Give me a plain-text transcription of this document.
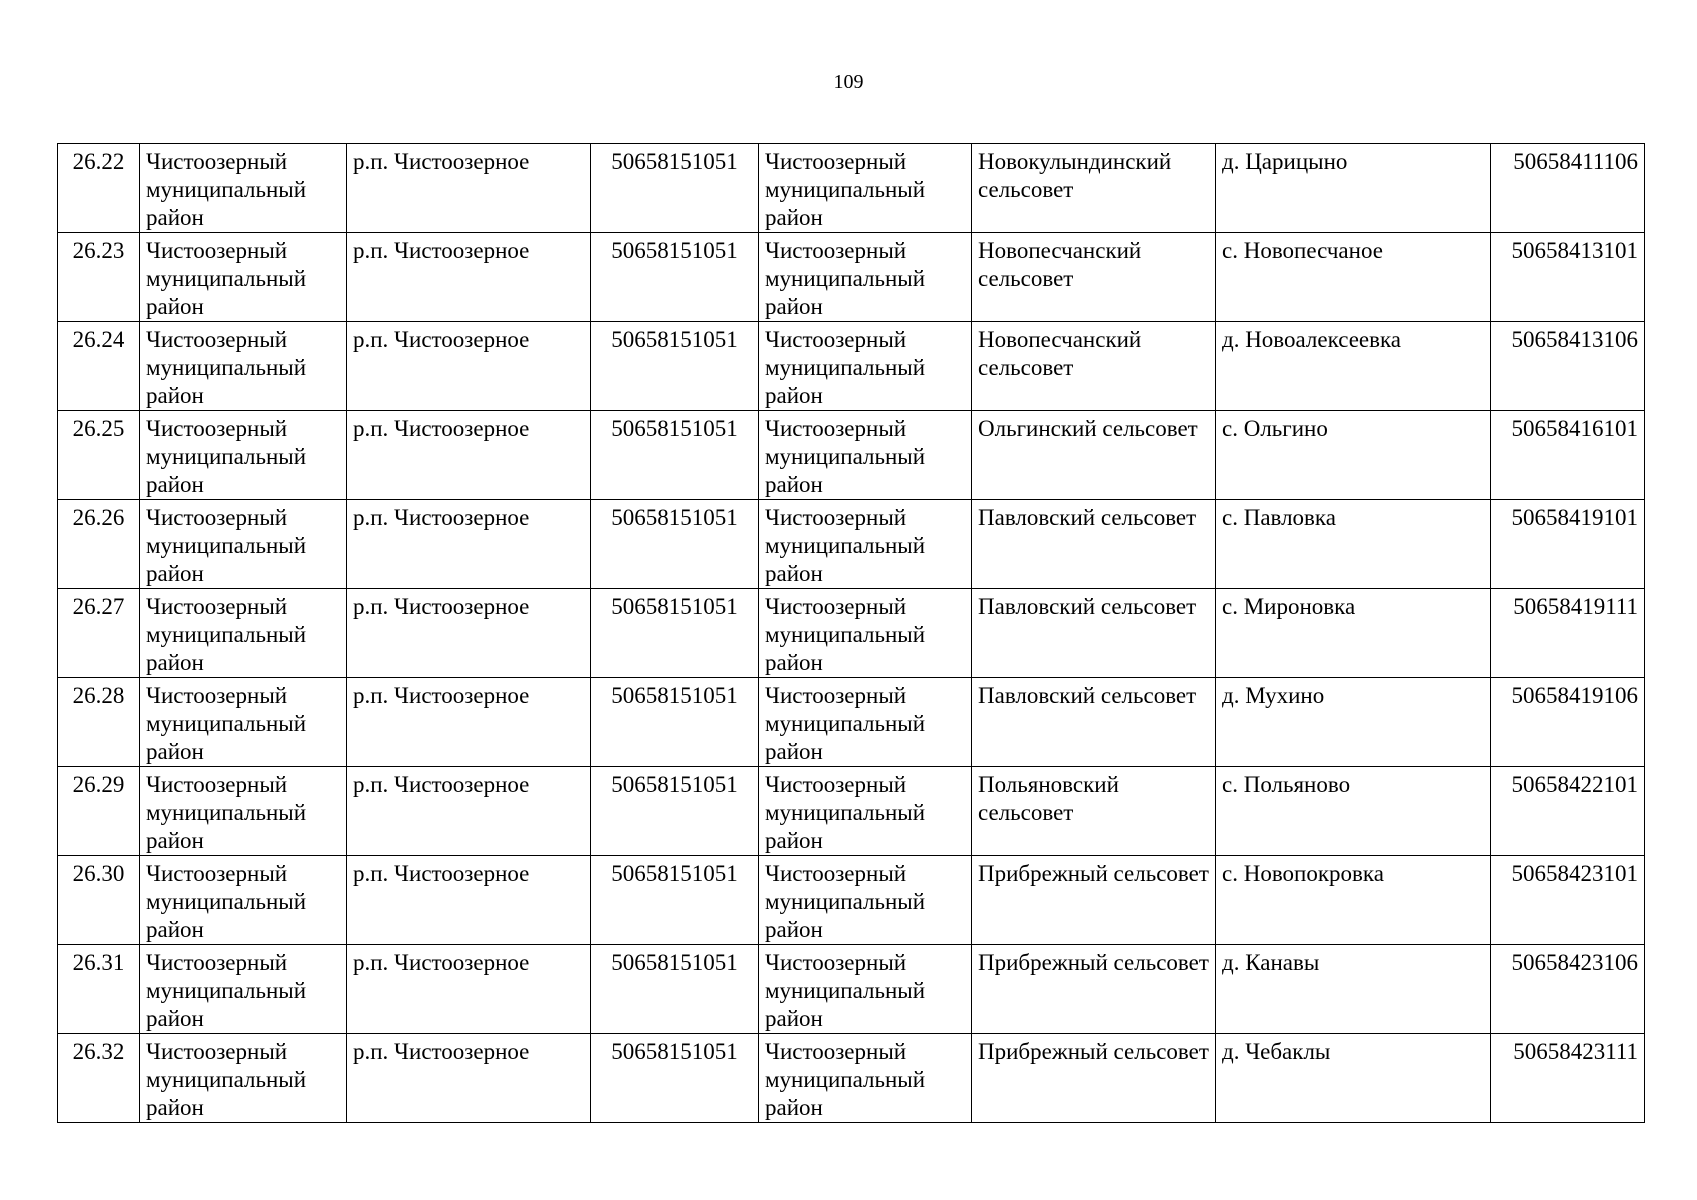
109
26.22	Чистоозерный муниципальный район	р.п. Чистоозерное	50658151051	Чистоозерный муниципальный район	Новокулындинский сельсовет	д. Царицыно	50658411106
26.23	Чистоозерный муниципальный район	р.п. Чистоозерное	50658151051	Чистоозерный муниципальный район	Новопесчанский сельсовет	с. Новопесчаное	50658413101
26.24	Чистоозерный муниципальный район	р.п. Чистоозерное	50658151051	Чистоозерный муниципальный район	Новопесчанский сельсовет	д. Новоалексеевка	50658413106
26.25	Чистоозерный муниципальный район	р.п. Чистоозерное	50658151051	Чистоозерный муниципальный район	Ольгинский сельсовет	с. Ольгино	50658416101
26.26	Чистоозерный муниципальный район	р.п. Чистоозерное	50658151051	Чистоозерный муниципальный район	Павловский сельсовет	с. Павловка	50658419101
26.27	Чистоозерный муниципальный район	р.п. Чистоозерное	50658151051	Чистоозерный муниципальный район	Павловский сельсовет	с. Мироновка	50658419111
26.28	Чистоозерный муниципальный район	р.п. Чистоозерное	50658151051	Чистоозерный муниципальный район	Павловский сельсовет	д. Мухино	50658419106
26.29	Чистоозерный муниципальный район	р.п. Чистоозерное	50658151051	Чистоозерный муниципальный район	Польяновский сельсовет	с. Польяново	50658422101
26.30	Чистоозерный муниципальный район	р.п. Чистоозерное	50658151051	Чистоозерный муниципальный район	Прибрежный сельсовет	с. Новопокровка	50658423101
26.31	Чистоозерный муниципальный район	р.п. Чистоозерное	50658151051	Чистоозерный муниципальный район	Прибрежный сельсовет	д. Канавы	50658423106
26.32	Чистоозерный муниципальный район	р.п. Чистоозерное	50658151051	Чистоозерный муниципальный район	Прибрежный сельсовет	д. Чебаклы	50658423111
